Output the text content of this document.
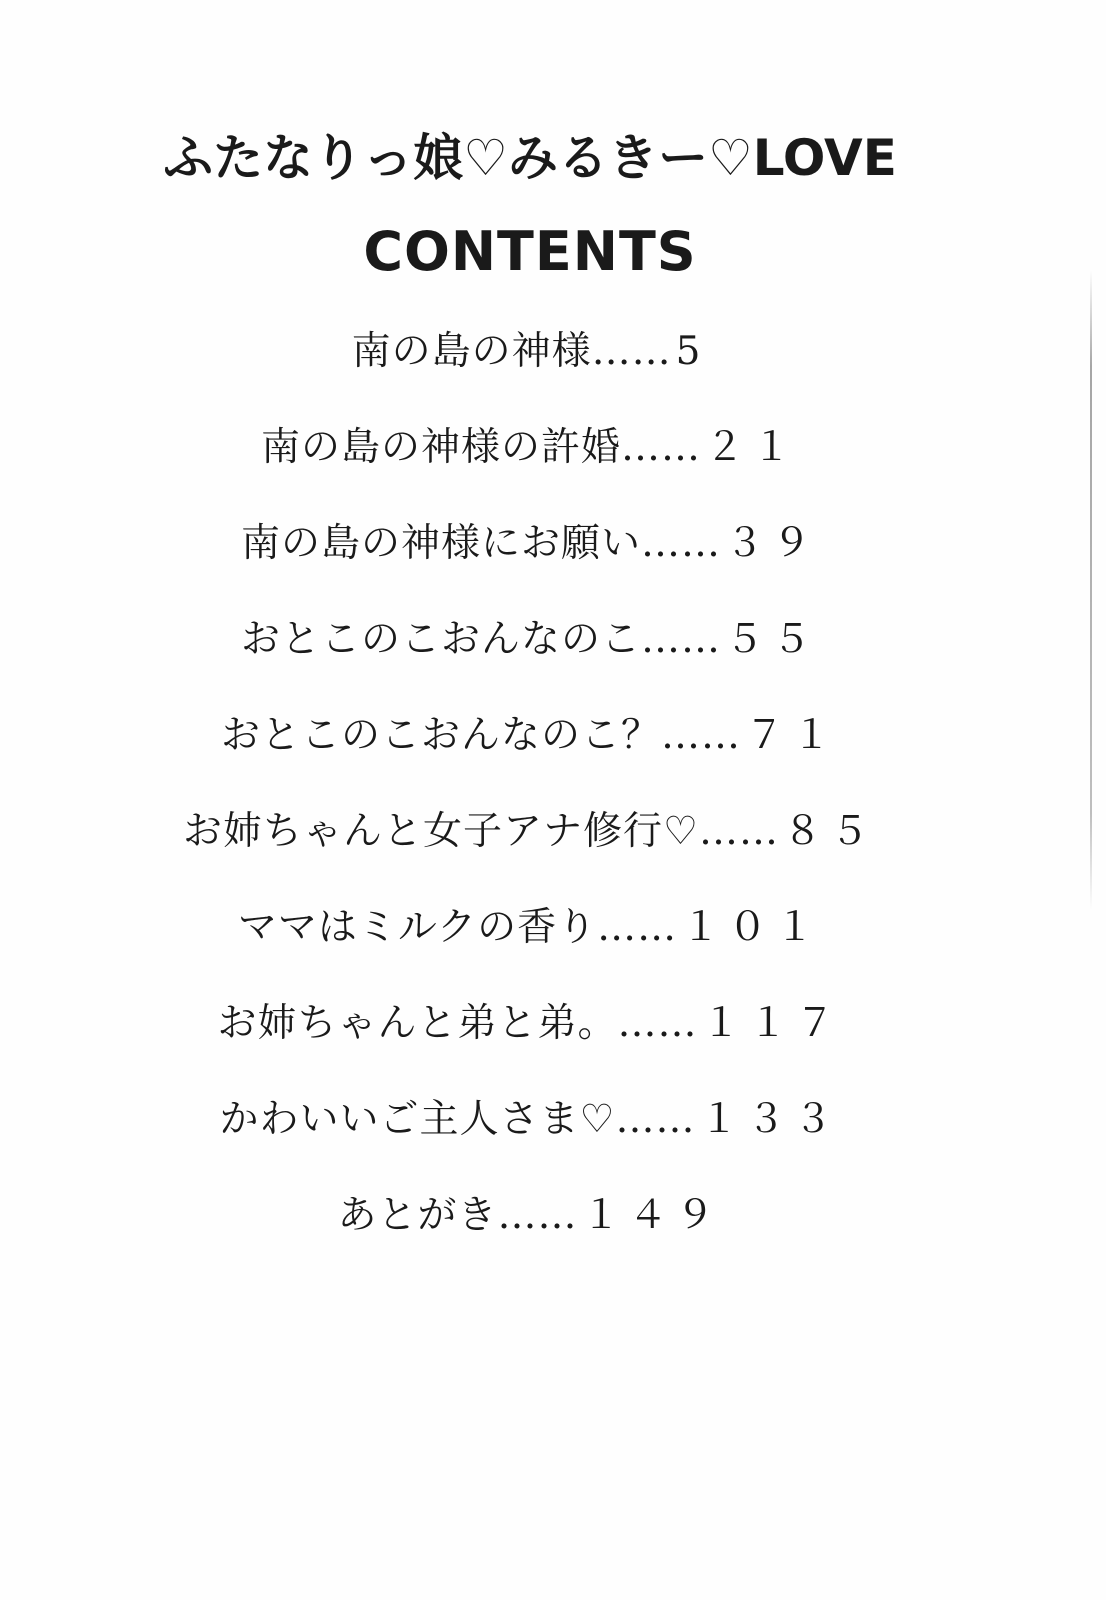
ふたなりっ娘♡みるきー♡LOVE
CONTENTS
南の島の神様…… 5
南の島の神様の許婚…… ２１
南の島の神様にお願い…… ３９
おとこのこおんなのこ…… ５５
おとこのこおんなのこ？…… ７１
お姉ちゃんと女子アナ修行♡…… ８５
ママはミルクの香り…… １０１
お姉ちゃんと弟と弟。…… １１７
かわいいご主人さま♡…… １３３
あとがき…… １４９
